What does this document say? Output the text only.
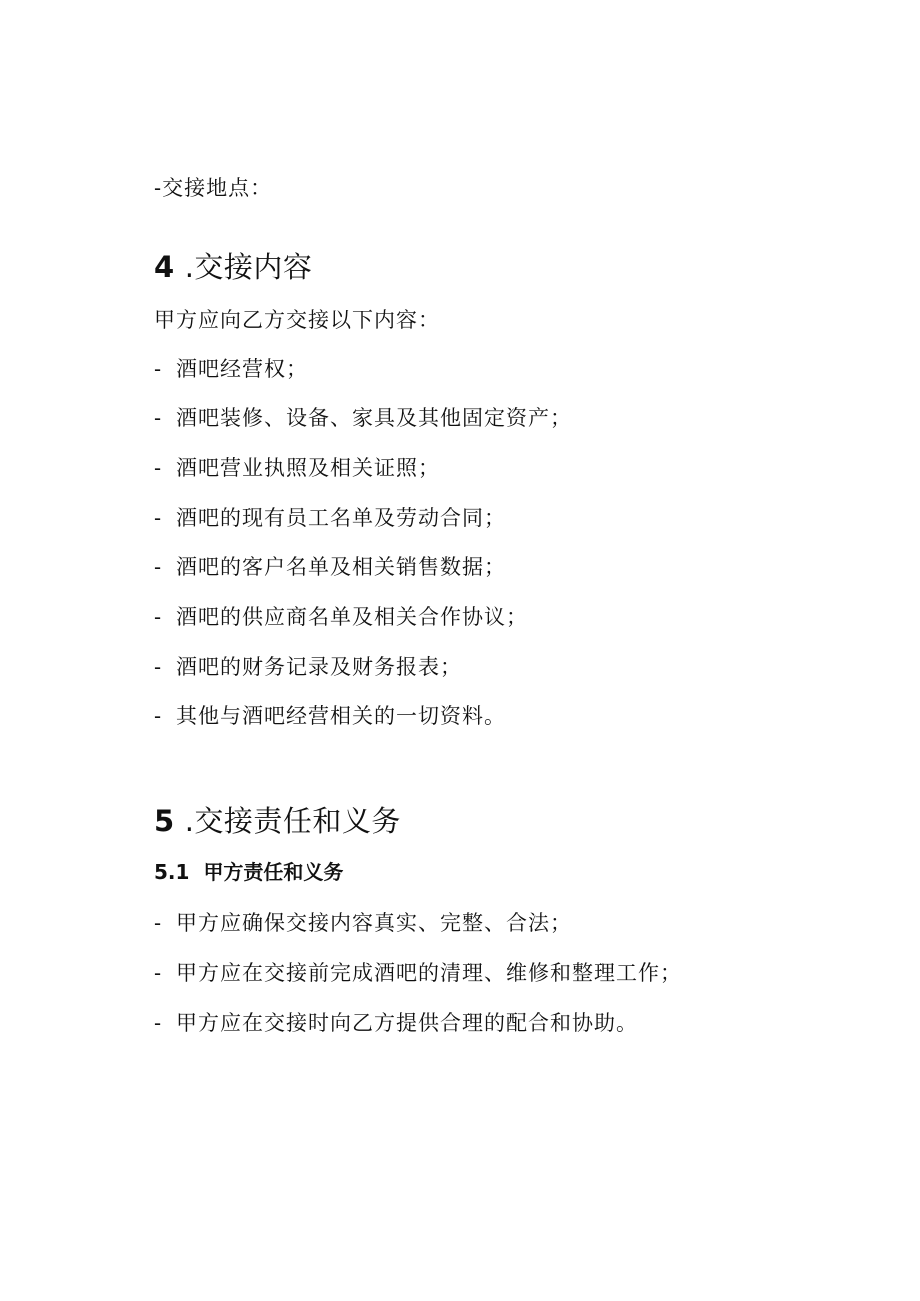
-交接地点：
4 .交接内容
甲方应向乙方交接以下内容：
- 酒吧经营权；
- 酒吧装修、设备、家具及其他固定资产；
- 酒吧营业执照及相关证照；
- 酒吧的现有员工名单及劳动合同；
- 酒吧的客户名单及相关销售数据；
- 酒吧的供应商名单及相关合作协议；
- 酒吧的财务记录及财务报表；
- 其他与酒吧经营相关的一切资料。
5 .交接责任和义务
5.1 甲方责任和义务
- 甲方应确保交接内容真实、完整、合法；
- 甲方应在交接前完成酒吧的清理、维修和整理工作；
- 甲方应在交接时向乙方提供合理的配合和协助。
